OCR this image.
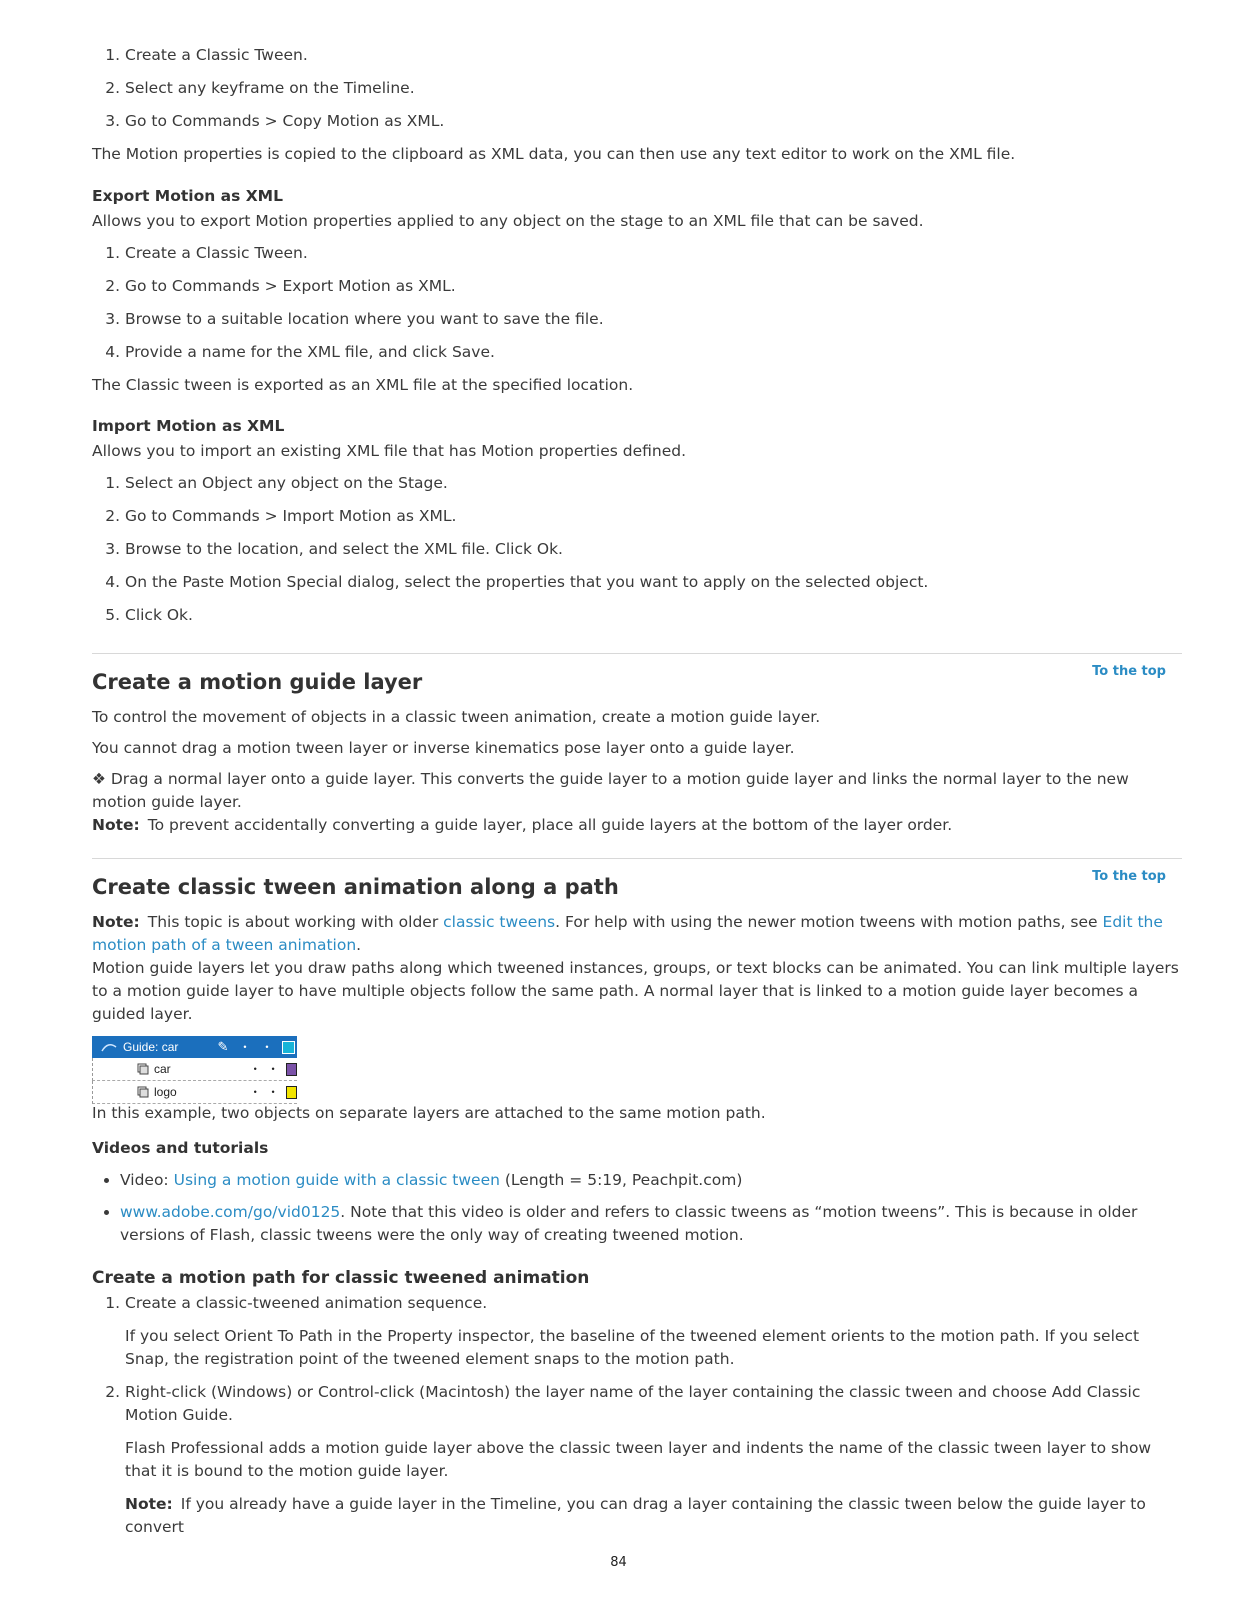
1. Create a Classic Tween.
2. Select any keyframe on the Timeline.
3. Go to Commands > Copy Motion as XML.

The Motion properties is copied to the clipboard as XML data, you can then use any text editor to work on the XML file.

Export Motion as XML

Allows you to export Motion properties applied to any object on the stage to an XML file that can be saved.

1. Create a Classic Tween.
2. Go to Commands > Export Motion as XML.
3. Browse to a suitable location where you want to save the file.
4. Provide a name for the XML file, and click Save.

The Classic tween is exported as an XML file at the specified location.

Import Motion as XML

Allows you to import an existing XML file that has Motion properties defined.

1. Select an Object any object on the Stage.
2. Go to Commands > Import Motion as XML.
3. Browse to the location, and select the XML file. Click Ok.
4. On the Paste Motion Special dialog, select the properties that you want to apply on the selected object.
5. Click Ok.
To the top

Create a motion guide layer

To control the movement of objects in a classic tween animation, create a motion guide layer.

You cannot drag a motion tween layer or inverse kinematics pose layer onto a guide layer.

❖ Drag a normal layer onto a guide layer. This converts the guide layer to a motion guide layer and links the normal layer to the new motion guide layer.

Note: To prevent accidentally converting a guide layer, place all guide layers at the bottom of the layer order.

To the top

Create classic tween animation along a path

Note: This topic is about working with older classic tweens. For help with using the newer motion tweens with motion paths, see Edit the motion path of a tween animation.

Motion guide layers let you draw paths along which tweened instances, groups, or text blocks can be animated. You can link multiple layers to a motion guide layer to have multiple objects follow the same path. A normal layer that is linked to a motion guide layer becomes a guided layer.

Guide: car	✎	•	•
car	•	•
logo	•	•

In this example, two objects on separate layers are attached to the same motion path.

Videos and tutorials

• Video: Using a motion guide with a classic tween (Length = 5:19, Peachpit.com)
• www.adobe.com/go/vid0125. Note that this video is older and refers to classic tweens as “motion tweens”. This is because in older versions of Flash, classic tweens were the only way of creating tweened motion.

Create a motion path for classic tweened animation

1. Create a classic-tweened animation sequence.

If you select Orient To Path in the Property inspector, the baseline of the tweened element orients to the motion path. If you select Snap, the registration point of the tweened element snaps to the motion path.

2. Right-click (Windows) or Control-click (Macintosh) the layer name of the layer containing the classic tween and choose Add Classic Motion Guide.

Flash Professional adds a motion guide layer above the classic tween layer and indents the name of the classic tween layer to show that it is bound to the motion guide layer.

Note: If you already have a guide layer in the Timeline, you can drag a layer containing the classic tween below the guide layer to convert

84
